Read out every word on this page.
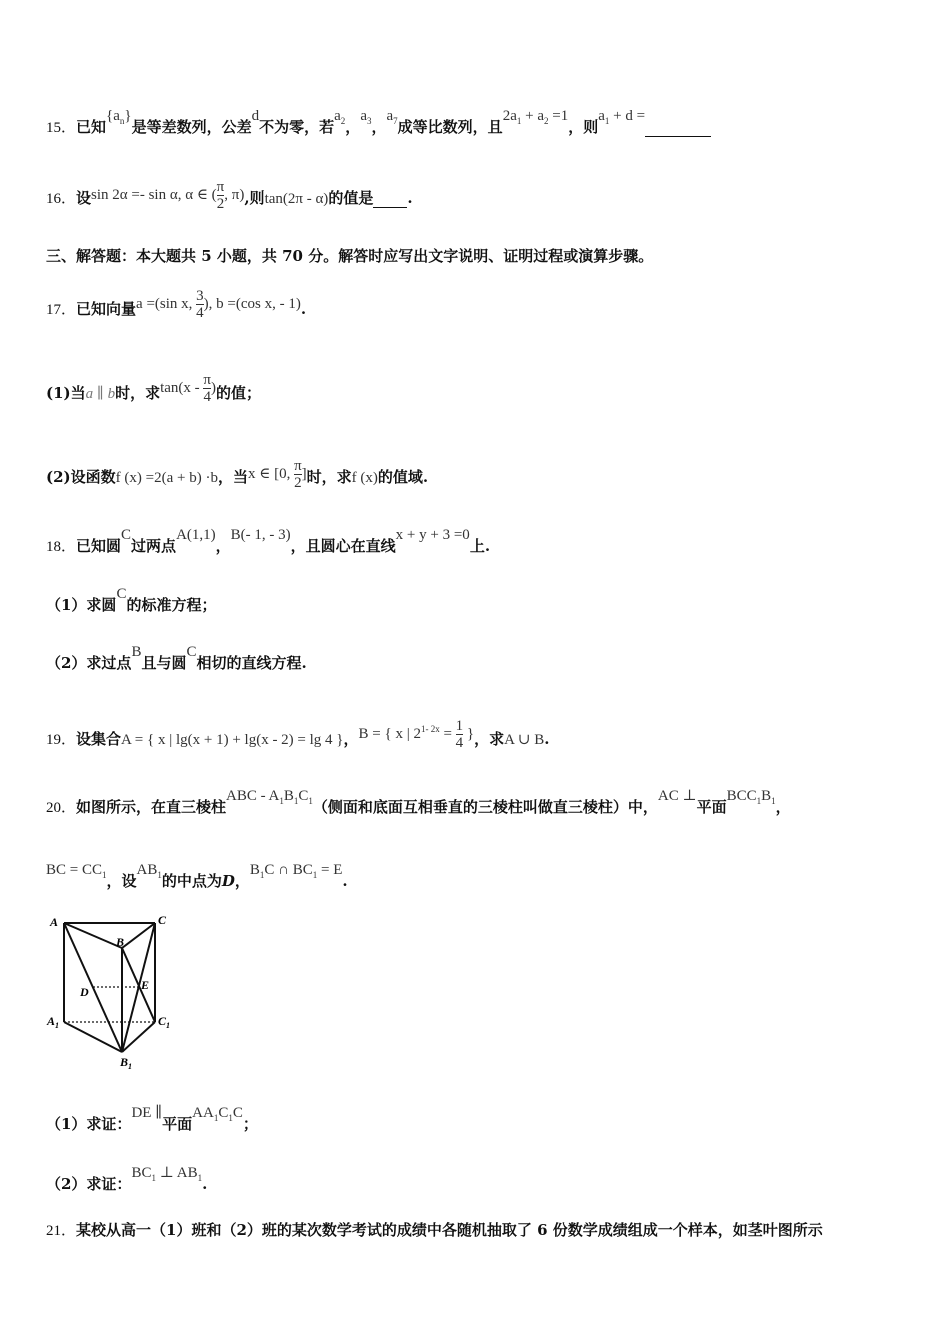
15．已知$\{a_n\}$是等差数列，公差d不为零，若$a_2$，$a_3$，$a_7$成等比数列，且$2a_1 + a_2 =1$，则$a_1 + d$ =
16．设sin 2α =- sin α, α ∈ ( $\frac{\pi}{2}$ , π),则tan(2π - α)的值是 .
三、解答题：本大题共 5 小题，共 70 分。解答时应写出文字说明、证明过程或演算步骤。
17．已知向量a =(sin x, $\frac{3}{4}$ ), b =(cos x, - 1).
(1)当a ∥ b时，求$\tan(x - \frac{\pi}{4}$ )的值；
(2)设函数f (x) =2(a + b) ·b，当x ∈ [0, $\frac{\pi}{2}$ ]时，求f (x)的值域.
18．已知圆C过两点A(1,1)，B(- 1, - 3)，且圆心在直线x + y + 3 =0上.
（1）求圆C的标准方程；
（2）求过点B且与圆C相切的直线方程.
19．设集合A = { x | lg(x + 1) + lg(x - 2) = lg 4 }，B = { x | $2^{1- 2x} = \frac{1}{4}$ }，求A ∪ B.
20．如图所示，在直三棱柱ABC - $A_1B_1C_1$（侧面和底面互相垂直的三棱柱叫做直三棱柱）中，AC ⊥平面$BCC_1B_1$，
BC = $CC_1$，设$AB_1$的中点为D，$B_1C$ ∩ $BC_1 = E$.
A	C
B
D	E
$A_1$	$C_1$
$B_1$
（1）求证：DE ∥平面$AA_1C_1C$；
（2）求证：$BC_1$ ⊥ $AB_1$.
21．某校从高一（1）班和（2）班的某次数学考试的成绩中各随机抽取了 6 份数学成绩组成一个样本，如茎叶图所示
